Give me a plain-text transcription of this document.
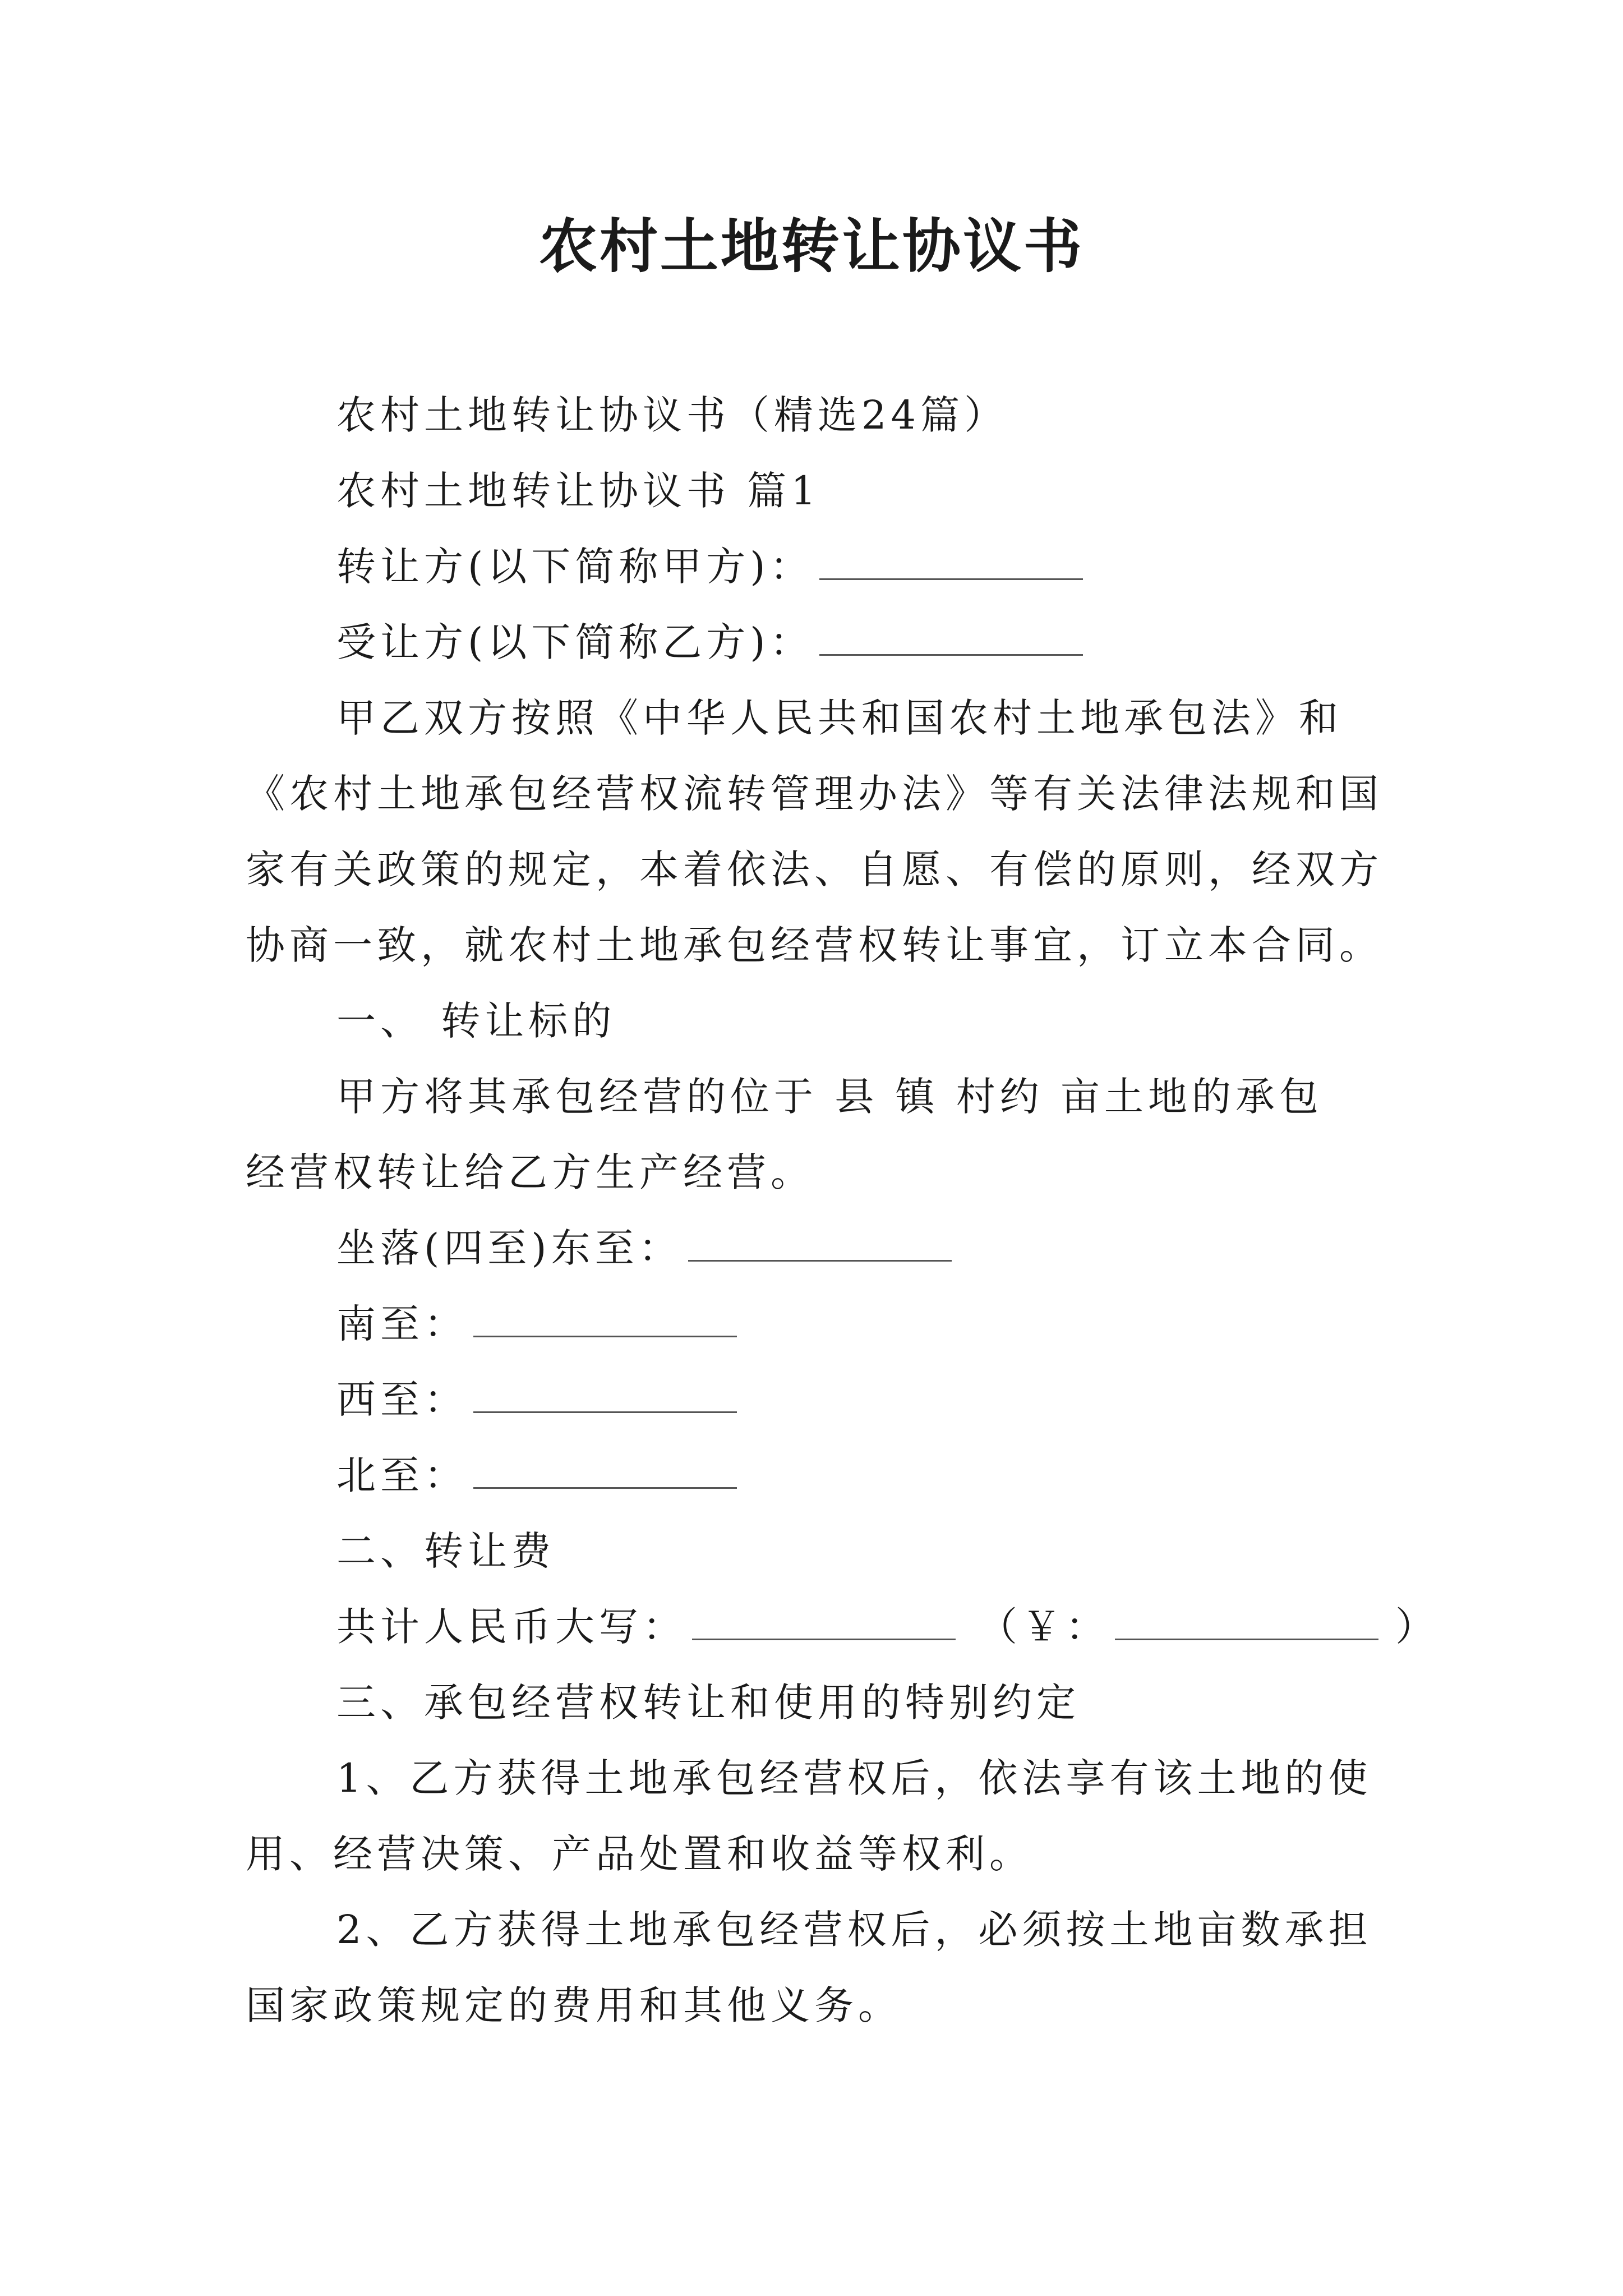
农村土地转让协议书
农村土地转让协议书（精选24篇）
农村土地转让协议书 篇1
转让方(以下简称甲方)：
受让方(以下简称乙方)：
甲乙双方按照《中华人民共和国农村土地承包法》和
《农村土地承包经营权流转管理办法》等有关法律法规和国
家有关政策的规定，本着依法、自愿、有偿的原则，经双方
协商一致，就农村土地承包经营权转让事宜，订立本合同。
一、 转让标的
甲方将其承包经营的位于 县 镇 村约 亩土地的承包
经营权转让给乙方生产经营。
坐落(四至)东至：
南至：
西至：
北至：
二、转让费
共计人民币大写：	（￥：	）
三、承包经营权转让和使用的特别约定
1、乙方获得土地承包经营权后，依法享有该土地的使
用、经营决策、产品处置和收益等权利。
2、乙方获得土地承包经营权后，必须按土地亩数承担
国家政策规定的费用和其他义务。
